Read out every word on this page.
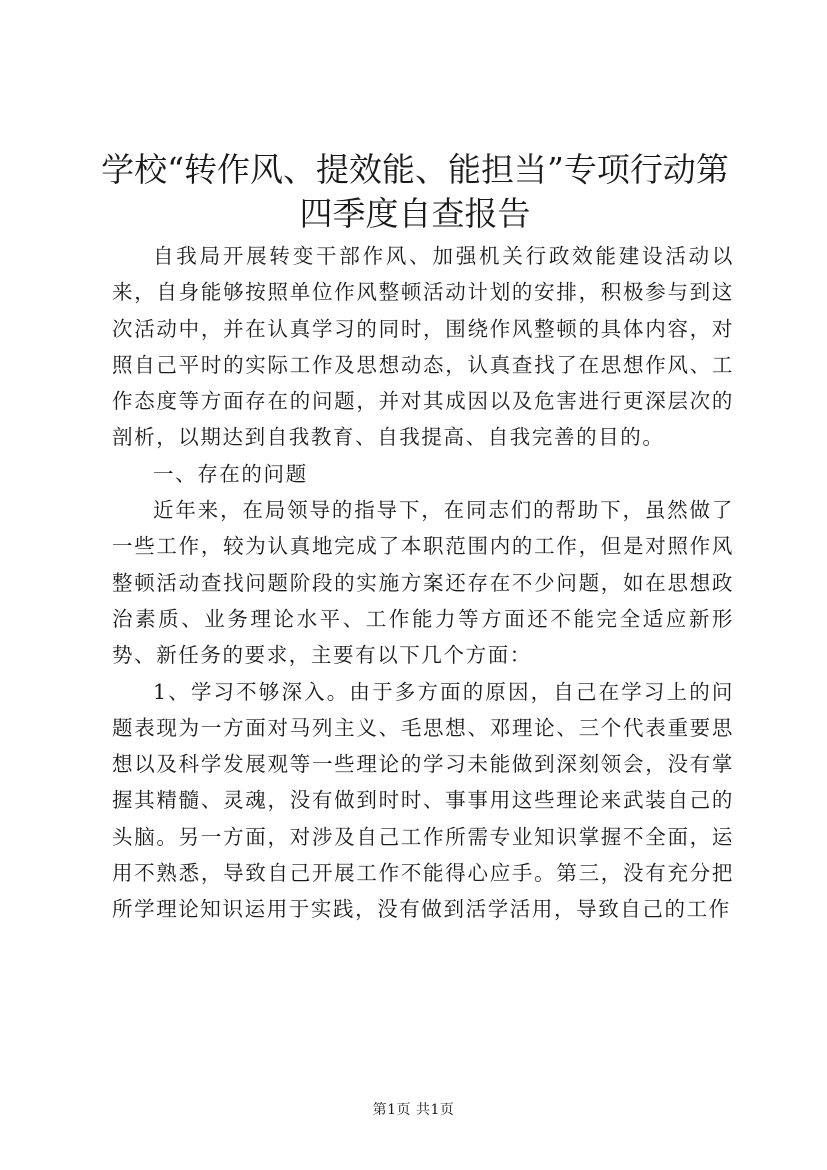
学校“转作风、提效能、能担当”专项行动第四季度自查报告

自我局开展转变干部作风、加强机关行政效能建设活动以来，自身能够按照单位作风整顿活动计划的安排，积极参与到这次活动中，并在认真学习的同时，围绕作风整顿的具体内容，对照自己平时的实际工作及思想动态，认真查找了在思想作风、工作态度等方面存在的问题，并对其成因以及危害进行更深层次的剖析，以期达到自我教育、自我提高、自我完善的目的。

一、存在的问题

近年来，在局领导的指导下，在同志们的帮助下，虽然做了一些工作，较为认真地完成了本职范围内的工作，但是对照作风整顿活动查找问题阶段的实施方案还存在不少问题，如在思想政治素质、业务理论水平、工作能力等方面还不能完全适应新形势、新任务的要求，主要有以下几个方面：

1、学习不够深入。由于多方面的原因，自己在学习上的问题表现为一方面对马列主义、毛思想、邓理论、三个代表重要思想以及科学发展观等一些理论的学习未能做到深刻领会，没有掌握其精髓、灵魂，没有做到时时、事事用这些理论来武装自己的头脑。另一方面，对涉及自己工作所需专业知识掌握不全面，运用不熟悉，导致自己开展工作不能得心应手。第三，没有充分把所学理论知识运用于实践，没有做到活学活用，导致自己的工作

第1页 共1页
